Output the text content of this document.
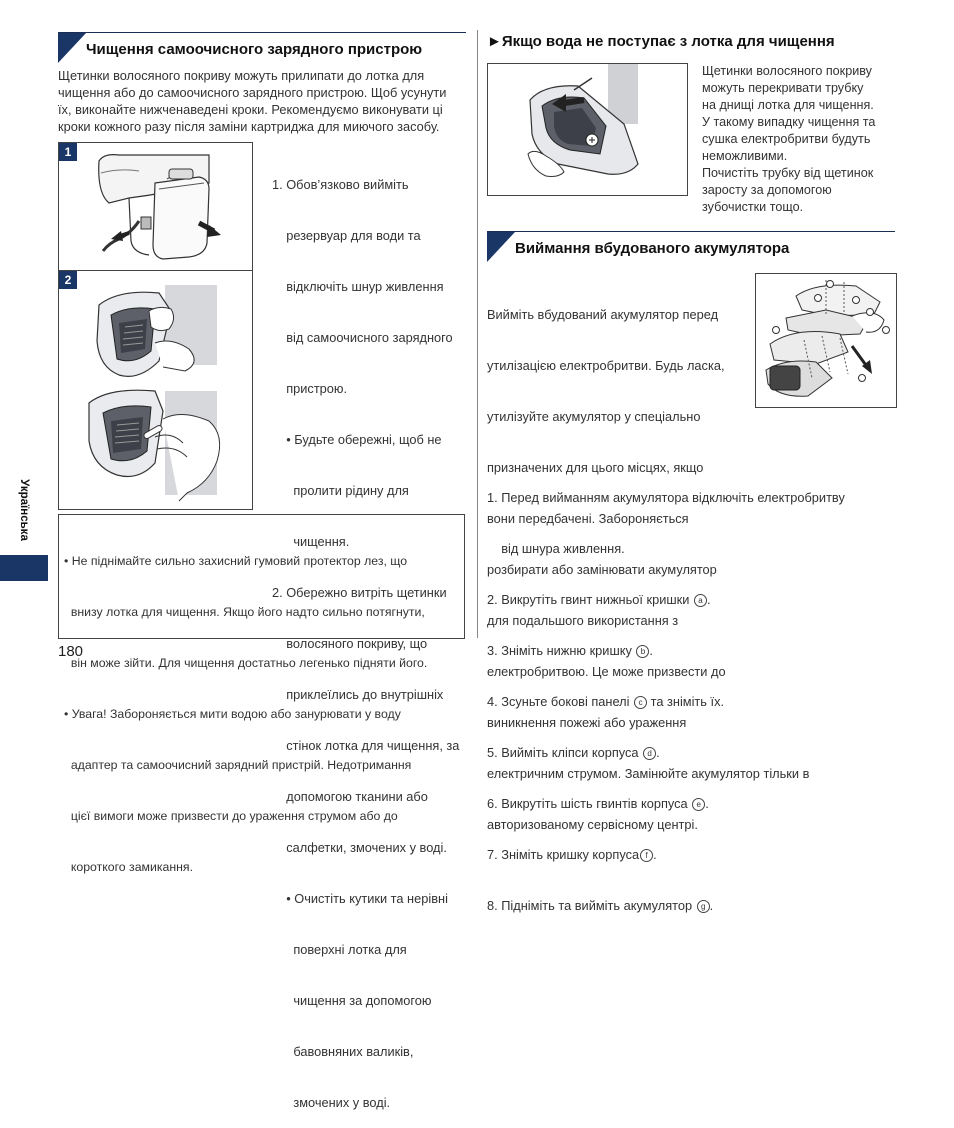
Чищення самоочисного зарядного пристрою

Щетинки волосяного покриву можуть прилипати до лотка для

чищення або до самоочисного зарядного пристрою. Щоб усунути

їх, виконайте нижченаведені кроки. Рекомендуємо виконувати ці

кроки кожного разу після заміни картриджа для миючого засобу.

1
2

1. Обов’язково вийміть

резервуар для води та

відключіть шнур живлення

від самоочисного зарядного

пристрою.

• Будьте обережні, щоб не

пролити рідину для

чищення.

2. Обережно витріть щетинки

волосяного покриву, що

приклеїлись до внутрішніх

стінок лотка для чищення, за

допомогою тканини або

салфетки, змочених у воді.

• Очистіть кутики та нерівні

поверхні лотка для

чищення за допомогою

бавовняних валиків,

змочених у воді.

• Не піднімайте сильно захисний гумовий протектор лез, що

внизу лотка для чищення. Якщо його надто сильно потягнути,

він може зійти. Для чищення достатньо легенько підняти його.

• Увага! Забороняється мити водою або занурювати у воду

адаптер та самоочисний зарядний пристрій. Недотримання

цієї вимоги може призвести до ураження струмом або до

короткого замикання.

Українська
180
►Якщо вода не поступає з лотка для чищення

Щетинки волосяного покриву

можуть перекривати трубку

на днищі лотка для чищення.

У такому випадку чищення та

сушка електробритви будуть

неможливими.

Почистіть трубку від щетинок

заросту за допомогою

зубочистки тощо.

Виймання вбудованого акумулятора

Вийміть вбудований акумулятор перед

утилізацією електробритви. Будь ласка,

утилізуйте акумулятор у спеціально

призначених для цього місцях, якщо

вони передбачені. Забороняється

розбирати або замінювати акумулятор

для подальшого використання з

електробритвою. Це може призвести до

виникнення пожежі або ураження

електричним струмом. Замінюйте акумулятор тільки в

авторизованому сервісному центрі.

1. Перед вийманням акумулятора відключіть електробритву

від шнура живлення.

2. Викрутіть гвинт нижньої кришки a .

3. Зніміть нижню кришку b .

4. Зсуньте бокові панелі c та зніміть їх.

5. Вийміть кліпси корпуса d .

6. Викрутіть шість гвинтів корпуса e .

7. Зніміть кришку корпуса f .

8. Підніміть та вийміть акумулятор g .
